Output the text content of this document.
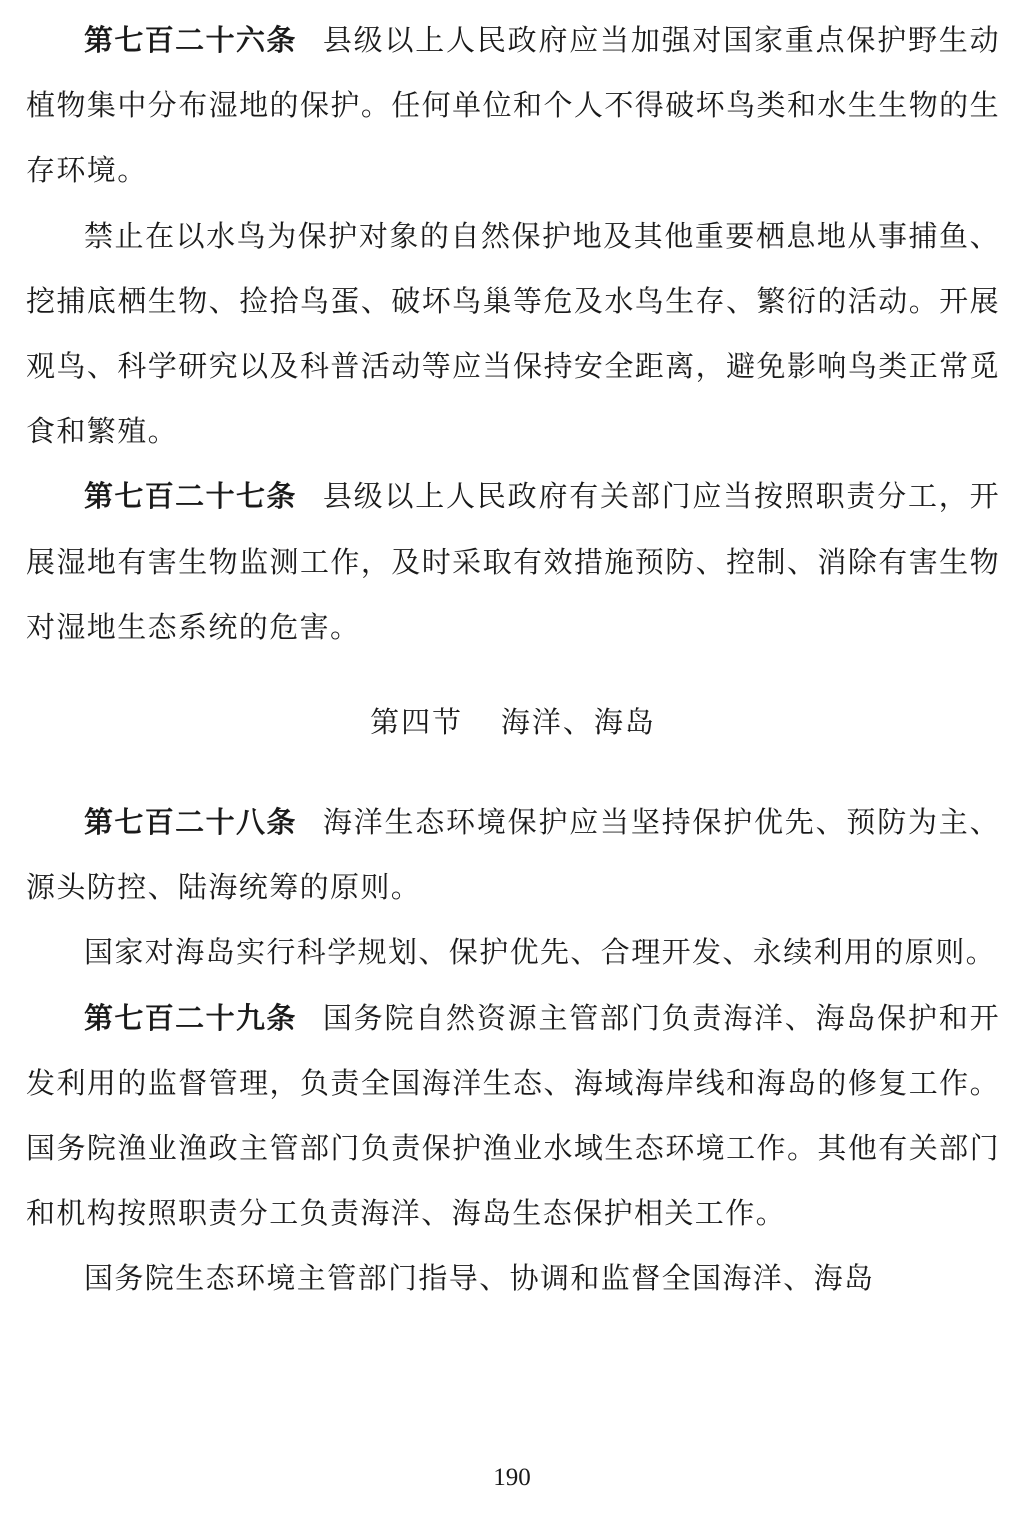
第七百二十六条 县级以上人民政府应当加强对国家重点保护野生动植物集中分布湿地的保护。任何单位和个人不得破坏鸟类和水生生物的生存环境。

禁止在以水鸟为保护对象的自然保护地及其他重要栖息地从事捕鱼、挖捕底栖生物、捡拾鸟蛋、破坏鸟巢等危及水鸟生存、繁衍的活动。开展观鸟、科学研究以及科普活动等应当保持安全距离，避免影响鸟类正常觅食和繁殖。

第七百二十七条 县级以上人民政府有关部门应当按照职责分工，开展湿地有害生物监测工作，及时采取有效措施预防、控制、消除有害生物对湿地生态系统的危害。

第四节 海洋、海岛

第七百二十八条 海洋生态环境保护应当坚持保护优先、预防为主、源头防控、陆海统筹的原则。

国家对海岛实行科学规划、保护优先、合理开发、永续利用的原则。

第七百二十九条 国务院自然资源主管部门负责海洋、海岛保护和开发利用的监督管理，负责全国海洋生态、海域海岸线和海岛的修复工作。国务院渔业渔政主管部门负责保护渔业水域生态环境工作。其他有关部门和机构按照职责分工负责海洋、海岛生态保护相关工作。

国务院生态环境主管部门指导、协调和监督全国海洋、海岛

190
